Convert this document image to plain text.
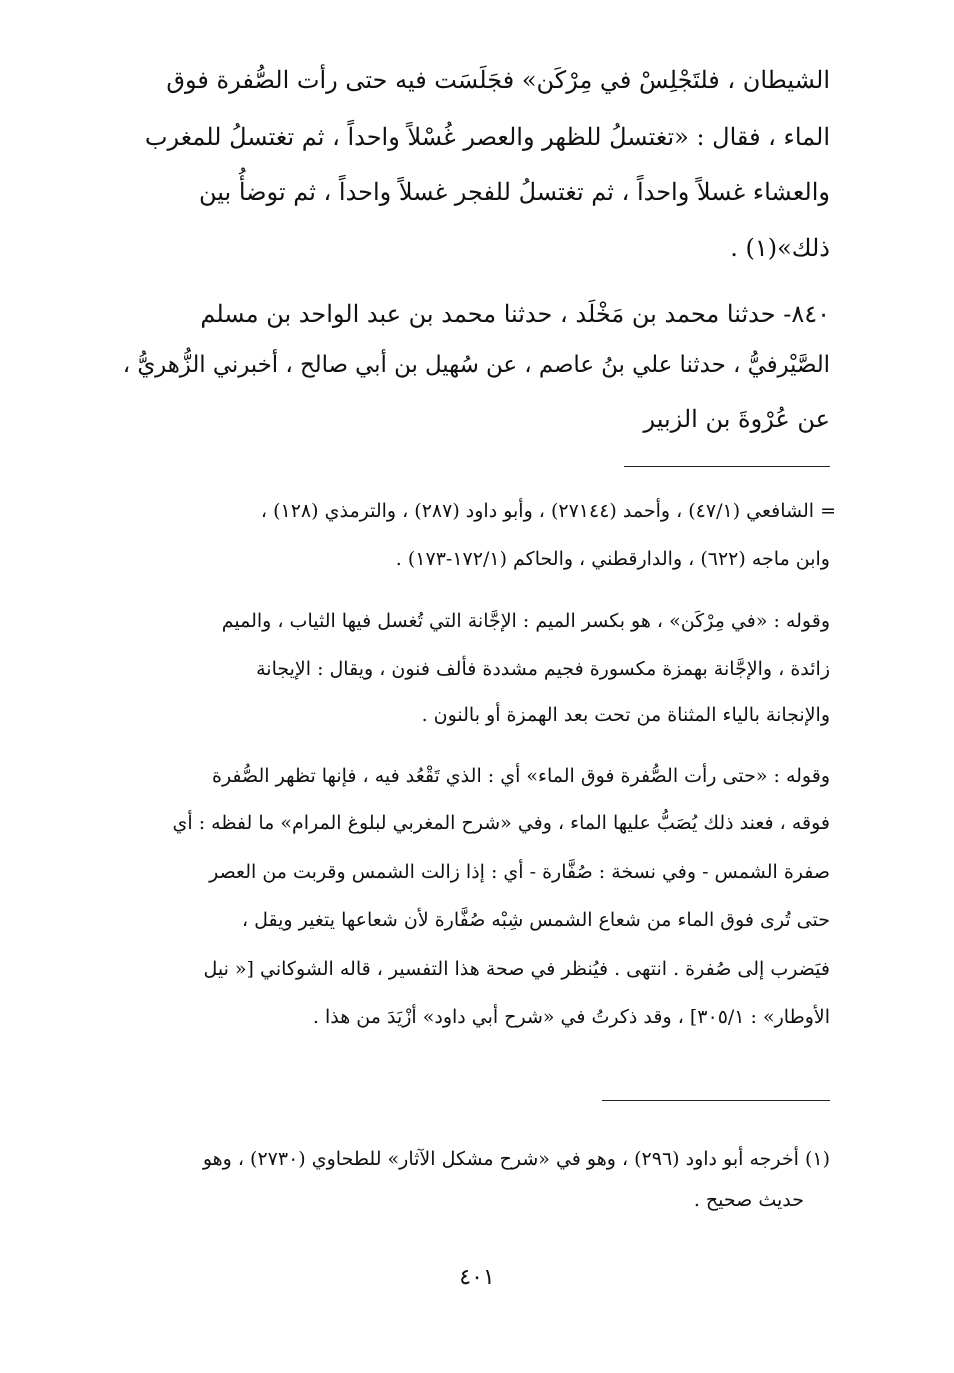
الشيطان ، فلتَجْلِسْ في مِرْكَن» فجَلَسَت فيه حتى رأت الصُّفرة فوق
الماء ، فقال : «تغتسلُ للظهر والعصر غُسْلاً واحداً ، ثم تغتسلُ للمغرب
والعشاء غسلاً واحداً ، ثم تغتسلُ للفجر غسلاً واحداً ، ثم توضأُ بين
ذلك»(١) .
٨٤٠- حدثنا محمد بن مَخْلَد ، حدثنا محمد بن عبد الواحد بن مسلم
الصَّيْرفيُّ ، حدثنا علي بنُ عاصم ، عن سُهيل بن أبي صالح ، أخبرني الزُّهريُّ ،
عن عُرْوةَ بن الزبير
= الشافعي (٤٧/١) ، وأحمد (٢٧١٤٤) ، وأبو داود (٢٨٧) ، والترمذي (١٢٨) ،
وابن ماجه (٦٢٢) ، والدارقطني ، والحاكم (١٧٢/١-١٧٣) .
وقوله : «في مِرْكَن» ، هو بكسر الميم : الإجَّانة التي تُغسل فيها الثياب ، والميم
زائدة ، والإجَّانة بهمزة مكسورة فجيم مشددة فألف فنون ، ويقال : الإيجانة
والإنجانة بالياء المثناة من تحت بعد الهمزة أو بالنون .
وقوله : «حتى رأت الصُّفرة فوق الماء» أي : الذي تَقْعُد فيه ، فإنها تظهر الصُّفرة
فوقه ، فعند ذلك يُصَبُّ عليها الماء ، وفي «شرح المغربي لبلوغ المرام» ما لفظه : أي
صفرة الشمس - وفي نسخة : صُفَّارة - أي : إذا زالت الشمس وقربت من العصر
حتى تُرى فوق الماء من شعاع الشمس شِبْه صُفَّارة لأن شعاعها يتغير ويقل ،
فيَضرب إلى صُفرة . انتهى . فيُنظر في صحة هذا التفسير ، قاله الشوكاني [« نيل
الأوطار» : ٣٠٥/١] ، وقد ذكرتُ في «شرح أبي داود» أزْيَدَ من هذا .
(١) أخرجه أبو داود (٢٩٦) ، وهو في «شرح مشكل الآثار» للطحاوي (٢٧٣٠) ، وهو
حديث صحيح .
٤٠١
